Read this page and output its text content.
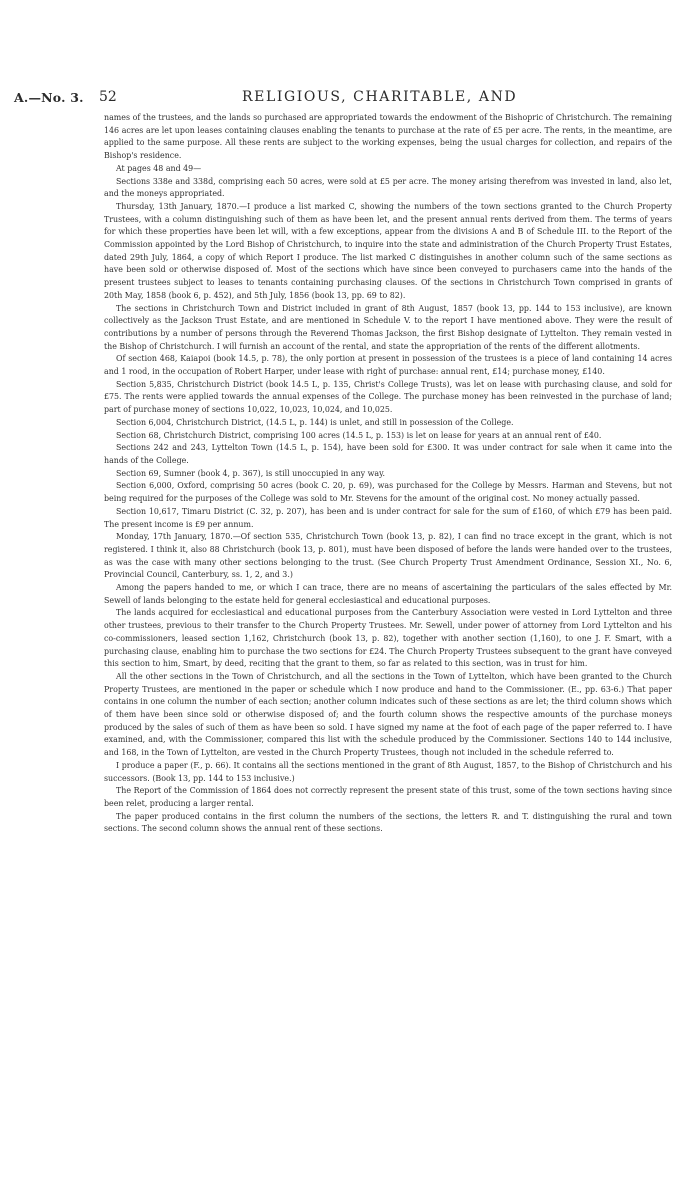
A.—No. 3. 52	RELIGIOUS, CHARITABLE, AND

names of the trustees, and the lands so purchased are appropriated towards the endowment of the Bishopric of Christchurch. The remaining 146 acres are let upon leases containing clauses enabling the tenants to purchase at the rate of £5 per acre. The rents, in the meantime, are applied to the same purpose. All these rents are subject to the working expenses, being the usual charges for collection, and repairs of the Bishop's residence.

At pages 48 and 49—

Sections 338e and 338d, comprising each 50 acres, were sold at £5 per acre. The money arising therefrom was invested in land, also let, and the moneys appropriated.

Thursday, 13th January, 1870.—I produce a list marked C, showing the numbers of the town sections granted to the Church Property Trustees, with a column distinguishing such of them as have been let, and the present annual rents derived from them. The terms of years for which these properties have been let will, with a few exceptions, appear from the divisions A and B of Schedule III. to the Report of the Commission appointed by the Lord Bishop of Christchurch, to inquire into the state and administration of the Church Property Trust Estates, dated 29th July, 1864, a copy of which Report I produce. The list marked C distinguishes in another column such of the same sections as have been sold or otherwise disposed of. Most of the sections which have since been conveyed to purchasers came into the hands of the present trustees subject to leases to tenants containing purchasing clauses. Of the sections in Christchurch Town comprised in grants of 20th May, 1858 (book 6, p. 452), and 5th July, 1856 (book 13, pp. 69 to 82).

The sections in Christchurch Town and District included in grant of 8th August, 1857 (book 13, pp. 144 to 153 inclusive), are known collectively as the Jackson Trust Estate, and are mentioned in Schedule V. to the report I have mentioned above. They were the result of contributions by a number of persons through the Reverend Thomas Jackson, the first Bishop designate of Lyttelton. They remain vested in the Bishop of Christchurch. I will furnish an account of the rental, and state the appropriation of the rents of the different allotments.

Of section 468, Kaiapoi (book 14.5, p. 78), the only portion at present in possession of the trustees is a piece of land containing 14 acres and 1 rood, in the occupation of Robert Harper, under lease with right of purchase: annual rent, £14; purchase money, £140.

Section 5,835, Christchurch District (book 14.5 L, p. 135, Christ's College Trusts), was let on lease with purchasing clause, and sold for £75. The rents were applied towards the annual expenses of the College. The purchase money has been reinvested in the purchase of land; part of purchase money of sections 10,022, 10,023, 10,024, and 10,025.

Section 6,004, Christchurch District, (14.5 L, p. 144) is unlet, and still in possession of the College.

Section 68, Christchurch District, comprising 100 acres (14.5 L, p. 153) is let on lease for years at an annual rent of £40.

Sections 242 and 243, Lyttelton Town (14.5 L, p. 154), have been sold for £300. It was under contract for sale when it came into the hands of the College.

Section 69, Sumner (book 4, p. 367), is still unoccupied in any way.

Section 6,000, Oxford, comprising 50 acres (book C. 20, p. 69), was purchased for the College by Messrs. Harman and Stevens, but not being required for the purposes of the College was sold to Mr. Stevens for the amount of the original cost. No money actually passed.

Section 10,617, Timaru District (C. 32, p. 207), has been and is under contract for sale for the sum of £160, of which £79 has been paid. The present income is £9 per annum.

Monday, 17th January, 1870.—Of section 535, Christchurch Town (book 13, p. 82), I can find no trace except in the grant, which is not registered. I think it, also 88 Christchurch (book 13, p. 801), must have been disposed of before the lands were handed over to the trustees, as was the case with many other sections belonging to the trust. (See Church Property Trust Amendment Ordinance, Session XI., No. 6, Provincial Council, Canterbury, ss. 1, 2, and 3.)

Among the papers handed to me, or which I can trace, there are no means of ascertaining the particulars of the sales effected by Mr. Sewell of lands belonging to the estate held for general ecclesiastical and educational purposes.

The lands acquired for ecclesiastical and educational purposes from the Canterbury Association were vested in Lord Lyttelton and three other trustees, previous to their transfer to the Church Property Trustees. Mr. Sewell, under power of attorney from Lord Lyttelton and his co-commissioners, leased section 1,162, Christchurch (book 13, p. 82), together with another section (1,160), to one J. F. Smart, with a purchasing clause, enabling him to purchase the two sections for £24. The Church Property Trustees subsequent to the grant have conveyed this section to him, Smart, by deed, reciting that the grant to them, so far as related to this section, was in trust for him.

All the other sections in the Town of Christchurch, and all the sections in the Town of Lyttelton, which have been granted to the Church Property Trustees, are mentioned in the paper or schedule which I now produce and hand to the Commissioner. (E., pp. 63-6.) That paper contains in one column the number of each section; another column indicates such of these sections as are let; the third column shows which of them have been since sold or otherwise disposed of; and the fourth column shows the respective amounts of the purchase moneys produced by the sales of such of them as have been so sold. I have signed my name at the foot of each page of the paper referred to. I have examined, and, with the Commissioner, compared this list with the schedule produced by the Commissioner. Sections 140 to 144 inclusive, and 168, in the Town of Lyttelton, are vested in the Church Property Trustees, though not included in the schedule referred to.

I produce a paper (F., p. 66). It contains all the sections mentioned in the grant of 8th August, 1857, to the Bishop of Christchurch and his successors. (Book 13, pp. 144 to 153 inclusive.)

The Report of the Commission of 1864 does not correctly represent the present state of this trust, some of the town sections having since been relet, producing a larger rental.

The paper produced contains in the first column the numbers of the sections, the letters R. and T. distinguishing the rural and town sections. The second column shows the annual rent of these sections.
